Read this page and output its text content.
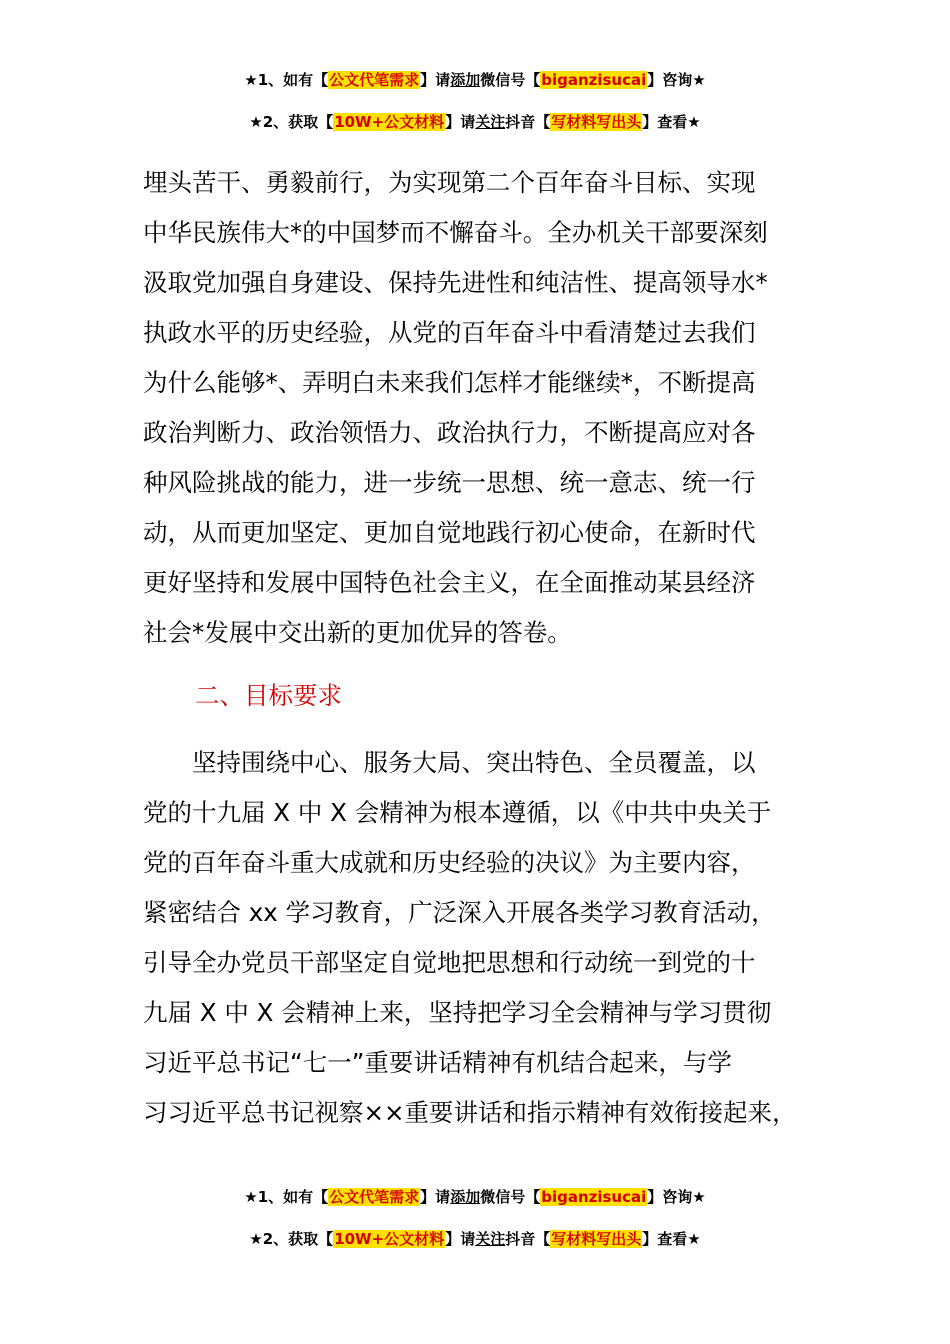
★1、如有【公文代笔需求】请添加微信号【biganzisucai】咨询★
★2、获取【10W+公文材料】请关注抖音【写材料写出头】查看★
埋头苦干、勇毅前行，为实现第二个百年奋斗目标、实现
中华民族伟大*的中国梦而不懈奋斗。全办机关干部要深刻
汲取党加强自身建设、保持先进性和纯洁性、提高领导水*
执政水平的历史经验，从党的百年奋斗中看清楚过去我们
为什么能够*、弄明白未来我们怎样才能继续*，不断提高
政治判断力、政治领悟力、政治执行力，不断提高应对各
种风险挑战的能力，进一步统一思想、统一意志、统一行
动，从而更加坚定、更加自觉地践行初心使命，在新时代
更好坚持和发展中国特色社会主义，在全面推动某县经济
社会*发展中交出新的更加优异的答卷。
二、目标要求
　　坚持围绕中心、服务大局、突出特色、全员覆盖，以
党的十九届 X 中 X 会精神为根本遵循，以《中共中央关于
党的百年奋斗重大成就和历史经验的决议》为主要内容，
紧密结合 xx 学习教育，广泛深入开展各类学习教育活动，
引导全办党员干部坚定自觉地把思想和行动统一到党的十
九届 X 中 X 会精神上来，坚持把学习全会精神与学习贯彻
习近平总书记“七一”重要讲话精神有机结合起来，与学
习习近平总书记视察××重要讲话和指示精神有效衔接起来，
★1、如有【公文代笔需求】请添加微信号【biganzisucai】咨询★
★2、获取【10W+公文材料】请关注抖音【写材料写出头】查看★
